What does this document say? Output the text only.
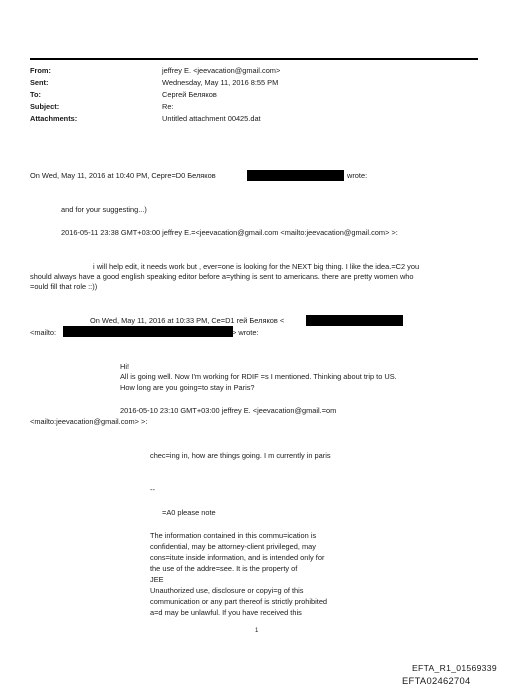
From:	jeffrey E. <jeevacation@gmail.com>
Sent:	Wednesday, May 11, 2016 8:55 PM
To:	Сергей Беляков
Subject:	Re:
Attachments:	Untitled attachment 00425.dat
On Wed, May 11, 2016 at 10:40 PM, Cepre=D0 Беляков	wrote:
and for your suggesting...)
2016-05-11 23:38 GMT+03:00 jeffrey E.=<jeevacation@gmail.com <mailto:jeevacation@gmail.com> >:
i will help edit, it needs work but , ever=one is looking for the NEXT big thing. I like the idea.=C2 you
should always have a good english speaking editor before a=ything is sent to americans. there are pretty women who
=ould fill that role ::))
On Wed, May 11, 2016 at 10:33 PM, Ce=D1 гей Беляков <
<mailto:	> wrote:
Hi!
All is going well. Now I'm working for RDIF =s I mentioned. Thinking about trip to US.
How long are you going=to stay in Paris?
2016-05-10 23:10 GMT+03:00 jeffrey E. <jeevacation@gmail.=om
<mailto:jeevacation@gmail.com> >:
chec=ing in, how are things going. I m currently in paris
--
=A0 please note
The information contained in this commu=ication is
confidential, may be attorney-client privileged, may
cons=itute inside information, and is intended only for
the use of the addre=see. It is the property of
JEE
Unauthorized use, disclosure or copyi=g of this
communication or any part thereof is strictly prohibited
a=d may be unlawful. If you have received this
1
EFTA_R1_01569339
EFTA02462704
